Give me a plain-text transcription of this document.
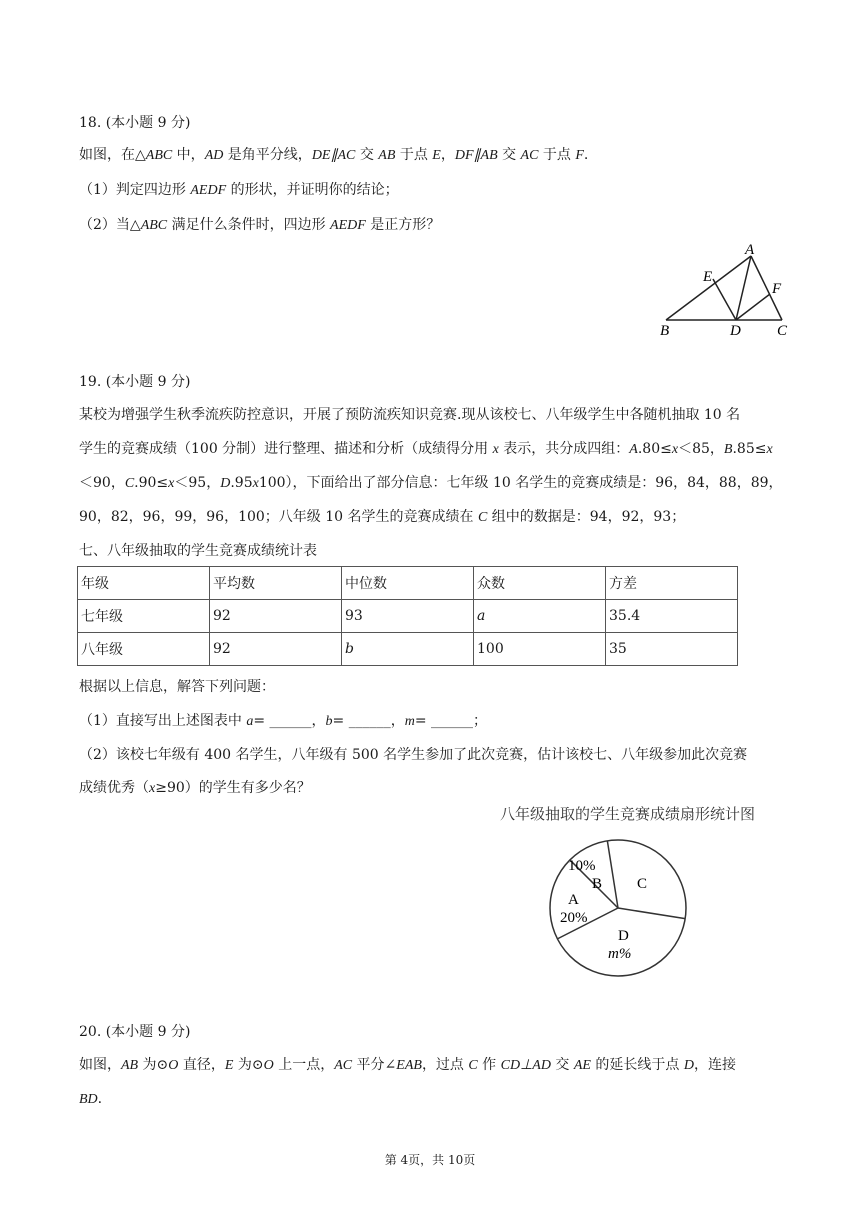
18. (本小题 9 分)
如图，在△ABC 中，AD 是角平分线，DE∥AC 交 AB 于点 E，DF∥AB 交 AC 于点 F.
（1）判定四边形 AEDF 的形状，并证明你的结论；
（2）当△ABC 满足什么条件时，四边形 AEDF 是正方形？
A
E
F
B	D C
19. (本小题 9 分)
某校为增强学生秋季流疾防控意识，开展了预防流疾知识竞赛.现从该校七、八年级学生中各随机抽取 10 名
学生的竞赛成绩（100 分制）进行整理、描述和分析（成绩得分用 x 表示，共分成四组：A.80≤x＜85，B.85≤x
＜90，C.90≤x＜95，D.95x100），下面给出了部分信息：七年级 10 名学生的竞赛成绩是：96，84，88，89，
90，82，96，99，96，100；八年级 10 名学生的竞赛成绩在 C 组中的数据是：94，92，93；
七、八年级抽取的学生竞赛成绩统计表
年级	平均数	中位数	众数	方差
七年级	92	93	a	35.4
八年级	92	b	100	35
根据以上信息，解答下列问题：
（1）直接写出上述图表中 a= ______，b= ______，m= ______；
（2）该校七年级有 400 名学生，八年级有 500 名学生参加了此次竞赛，估计该校七、八年级参加此次竞赛
成绩优秀（x≥90）的学生有多少名？
八年级抽取的学生竞赛成绩扇形统计图
10%
B C
A
20%
D
m%
20. (本小题 9 分)
如图，AB 为⊙O 直径，E 为⊙O 上一点，AC 平分∠EAB，过点 C 作 CD⊥AD 交 AE 的延长线于点 D，连接
BD.
第 4页，共 10页
